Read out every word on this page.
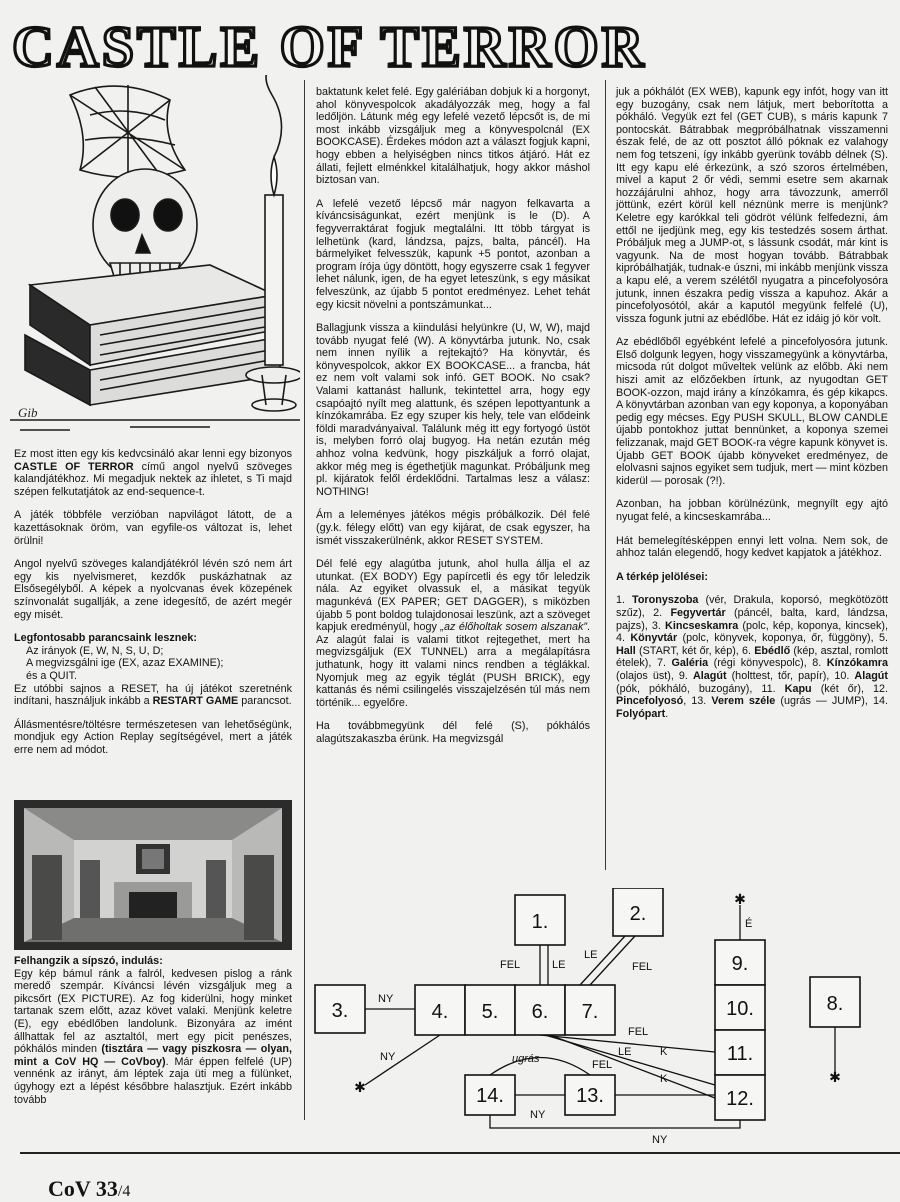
CASTLE OF TERROR
Gib

Ez most itten egy kis kedvcsináló akar lenni egy bizonyos CASTLE OF TERROR című angol nyelvű szöveges kalandjátékhoz. Mi megadjuk nektek az ihletet, s Ti majd szépen felkutatjátok az end-sequence-t.

A játék többféle verzióban napvilágot látott, de a kazettásoknak öröm, van egyfile-os változat is, lehet örülni!

Angol nyelvű szöveges kalandjátékról lévén szó nem árt egy kis nyelvismeret, kezdők puskázhatnak az Elsősegélyből. A képek a nyolcvanas évek közepének színvonalát sugallják, a zene idegesítő, de azért megér egy misét.

Legfontosabb parancsaink lesznek:
Az irányok (E, W, N, S, U, D;
A megvizsgálni ige (EX, azaz EXAMINE);
és a QUIT.

Ez utóbbi sajnos a RESET, ha új játékot szeretnénk indítani, használjuk inkább a RESTART GAME parancsot.

Állásmentésre/töltésre természetesen van lehetőségünk, mondjuk egy Action Replay segítségével, mert a játék erre nem ad módot.

Felhangzik a sípszó, indulás:

Egy kép bámul ránk a falról, kedvesen pislog a ránk meredő szempár. Kíváncsi lévén vizsgáljuk meg a pikcsőrt (EX PICTURE). Az fog kiderülni, hogy minket tartanak szem előtt, azaz követ valaki. Menjünk keletre (E), egy ebédlőben landolunk. Bizonyára az imént állhattak fel az asztaltól, mert egy picit penészes, pókhálós minden (tisztára — vagy piszkosra — olyan, mint a CoV HQ — CoVboy). Már éppen felfelé (UP) vennénk az irányt, ám léptek zaja üti meg a fülünket, úgyhogy ezt a lépést későbbre halasztjuk. Ezért inkább tovább

baktatunk kelet felé. Egy galériában dobjuk ki a horgonyt, ahol könyvespolcok akadályozzák meg, hogy a fal ledőljön. Látunk még egy lefelé vezető lépcsőt is, de mi most inkább vizsgáljuk meg a könyvespolcnál (EX BOOKCASE). Érdekes módon azt a választ fogjuk kapni, hogy ebben a helyiségben nincs titkos átjáró. Hát ez állati, fejlett elménkkel kitalálhatjuk, hogy akkor máshol biztosan van.

A lefelé vezető lépcső már nagyon felkavarta a kíváncsiságunkat, ezért menjünk is le (D). A fegyverraktárat fogjuk megtalálni. Itt több tárgyat is lelhetünk (kard, lándzsa, pajzs, balta, páncél). Ha bármelyiket felvesszük, kapunk +5 pontot, azonban a program írója úgy döntött, hogy egyszerre csak 1 fegyver lehet nálunk, igen, de ha egyet leteszünk, s egy másikat felveszünk, az újabb 5 pontot eredményez. Lehet tehát egy kicsit növelni a pontszámunkat...

Ballagjunk vissza a kiindulási helyünkre (U, W, W), majd tovább nyugat felé (W). A könyvtárba jutunk. No, csak nem innen nyílik a rejtekajtó? Ha könyvtár, és könyvespolcok, akkor EX BOOKCASE... a francba, hát ez nem volt valami sok infó. GET BOOK. No csak? Valami kattanást hallunk, tekintettel arra, hogy egy csapóajtó nyílt meg alattunk, és szépen lepottyantunk a kínzókamrába. Ez egy szuper kis hely, tele van elődeink földi maradványaival. Találunk még itt egy fortyogó üstöt is, melyben forró olaj bugyog. Ha netán ezután még ahhoz volna kedvünk, hogy piszkáljuk a forró olajat, akkor még meg is égethetjük magunkat. Próbáljunk meg pl. kijáratok felől érdeklődni. Tartalmas lesz a válasz: NOTHING!

Ám a leleményes játékos mégis próbálkozik. Dél felé (gy.k. félegy előtt) van egy kijárat, de csak egyszer, ha ismét visszakerülnénk, akkor RESET SYSTEM.

Dél felé egy alagútba jutunk, ahol hulla állja el az utunkat. (EX BODY) Egy papírcetli és egy tőr leledzik nála. Az egyiket olvassuk el, a másikat tegyük magunkévá (EX PAPER; GET DAGGER), s miközben újabb 5 pont boldog tulajdonosai leszünk, azt a szöveget kapjuk eredményül, hogy „az élőholtak sosem alszanak”. Az alagút falai is valami titkot rejtegethet, mert ha megvizsgáljuk (EX TUNNEL) arra a megálapításra juthatunk, hogy itt valami nincs rendben a téglákkal. Nyomjuk meg az egyik téglát (PUSH BRICK), egy kattanás és némi csilingelés visszajelzésén túl más nem történik... egyelőre.

Ha továbbmegyünk dél felé (S), pókhálós alagútszakaszba érünk. Ha megvizsgál

juk a pókhálót (EX WEB), kapunk egy infót, hogy van itt egy buzogány, csak nem látjuk, mert beborította a pókháló. Vegyük ezt fel (GET CUB), s máris kapunk 7 pontocskát. Bátrabbak megpróbálhatnak visszamenni észak felé, de az ott posztot álló póknak ez valahogy nem fog tetszeni, így inkább gyerünk tovább délnek (S). Itt egy kapu elé érkezünk, a szó szoros értelmében, mivel a kaput 2 őr védi, semmi esetre sem akarnak hozzájárulni ahhoz, hogy arra távozzunk, amerről jöttünk, ezért körül kell néznünk merre is menjünk? Keletre egy karókkal teli gödröt vélünk felfedezni, ám ettől ne ijedjünk meg, egy kis testedzés sosem árthat. Próbáljuk meg a JUMP-ot, s lássunk csodát, már kint is vagyunk. Na de most hogyan tovább. Bátrabbak kipróbálhatják, tudnak-e úszni, mi inkább menjünk vissza a kapu elé, a verem szélétől nyugatra a pincefolyosóra jutunk, innen északra pedig vissza a kapuhoz. Akár a pincefolyosótól, akár a kaputól megyünk felfelé (U), vissza fogunk jutni az ebédlőbe. Hát ez idáig jó kör volt.

Az ebédlőből egyébként lefelé a pincefolyosóra jutunk. Első dolgunk legyen, hogy visszamegyünk a könyvtárba, micsoda rút dolgot műveltek velünk az előbb. Aki nem hiszi amit az előzőekben írtunk, az nyugodtan GET BOOK-ozzon, majd irány a kínzókamra, és gép kikapcs. A könyvtárban azonban van egy koponya, a koponyában pedig egy mécses. Egy PUSH SKULL, BLOW CANDLE újabb pontokhoz juttat bennünket, a koponya szemei felizzanak, majd GET BOOK-ra végre kapunk könyvet is. Újabb GET BOOK újabb könyveket eredményez, de elolvasni sajnos egyiket sem tudjuk, mert — mint közben kiderül — porosak (?!).

Azonban, ha jobban körülnézünk, megnyílt egy ajtó nyugat felé, a kincseskamrába...

Hát bemelegítésképpen ennyi lett volna. Nem sok, de ahhoz talán elegendő, hogy kedvet kapjatok a játékhoz.

A térkép jelölései:

1. Toronyszoba (vér, Drakula, koporsó, megkötözött szűz), 2. Fegyvertár (páncél, balta, kard, lándzsa, pajzs), 3. Kincseskamra (polc, kép, koponya, kincsek), 4. Könyvtár (polc, könyvek, koponya, őr, függöny), 5. Hall (START, két őr, kép), 6. Ebédlő (kép, asztal, romlott ételek), 7. Galéria (régi könyvespolc), 8. Kínzókamra (olajos üst), 9. Alagút (holttest, tőr, papír), 10. Alagút (pók, pókháló, buzogány), 11. Kapu (két őr), 12. Pincefolyosó, 13. Verem széle (ugrás — JUMP), 14. Folyópart.

1.	2.
3.	4. 5. 6. 7.	8.
9.
10.
11.
12.
13.
14.
FEL	LE
LE
FEL
NY
É
NY
FEL
LE
FEL
K
K
ugrás
NY
NY
✱
✱
✱
CoV 33/4
